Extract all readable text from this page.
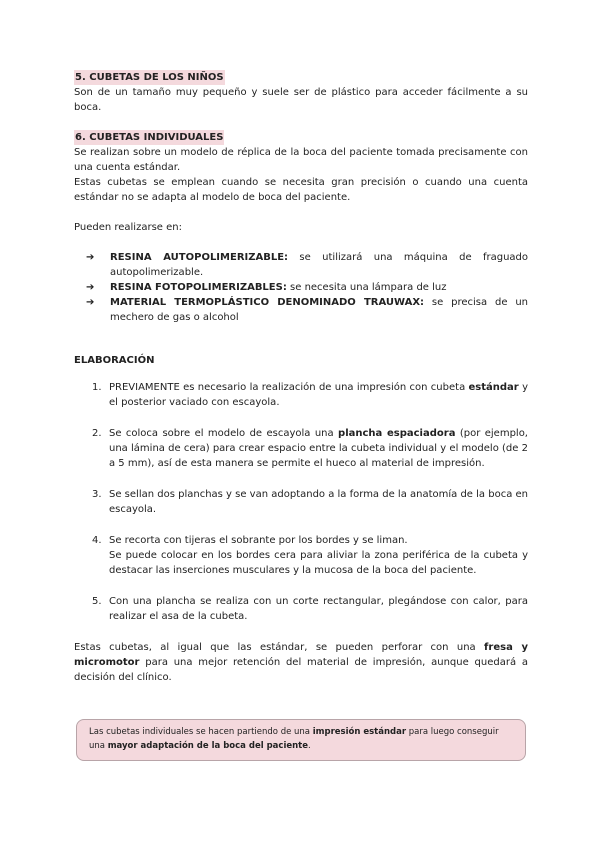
5. CUBETAS DE LOS NIÑOS

Son de un tamaño muy pequeño y suele ser de plástico para acceder fácilmente a su boca.

6. CUBETAS INDIVIDUALES

Se realizan sobre un modelo de réplica de la boca del paciente tomada precisamente con una cuenta estándar.

Estas cubetas se emplean cuando se necesita gran precisión o cuando una cuenta estándar no se adapta al modelo de boca del paciente.

Pueden realizarse en:

➔ RESINA AUTOPOLIMERIZABLE: se utilizará una máquina de fraguado autopolimerizable.
➔ RESINA FOTOPOLIMERIZABLES: se necesita una lámpara de luz
➔ MATERIAL TERMOPLÁSTICO DENOMINADO TRAUWAX: se precisa de un mechero de gas o alcohol
ELABORACIÓN
1. PREVIAMENTE es necesario la realización de una impresión con cubeta estándar y el posterior vaciado con escayola.
2. Se coloca sobre el modelo de escayola una plancha espaciadora (por ejemplo, una lámina de cera) para crear espacio entre la cubeta individual y el modelo (de 2 a 5 mm), así de esta manera se permite el hueco al material de impresión.
3. Se sellan dos planchas y se van adoptando a la forma de la anatomía de la boca en escayola.
4. Se recorta con tijeras el sobrante por los bordes y se liman.
Se puede colocar en los bordes cera para aliviar la zona periférica de la cubeta y destacar las inserciones musculares y la mucosa de la boca del paciente.
5. Con una plancha se realiza con un corte rectangular, plegándose con calor, para realizar el asa de la cubeta.

Estas cubetas, al igual que las estándar, se pueden perforar con una fresa y micromotor para una mejor retención del material de impresión, aunque quedará a decisión del clínico.

Las cubetas individuales se hacen partiendo de una impresión estándar para luego conseguir una mayor adaptación de la boca del paciente.
